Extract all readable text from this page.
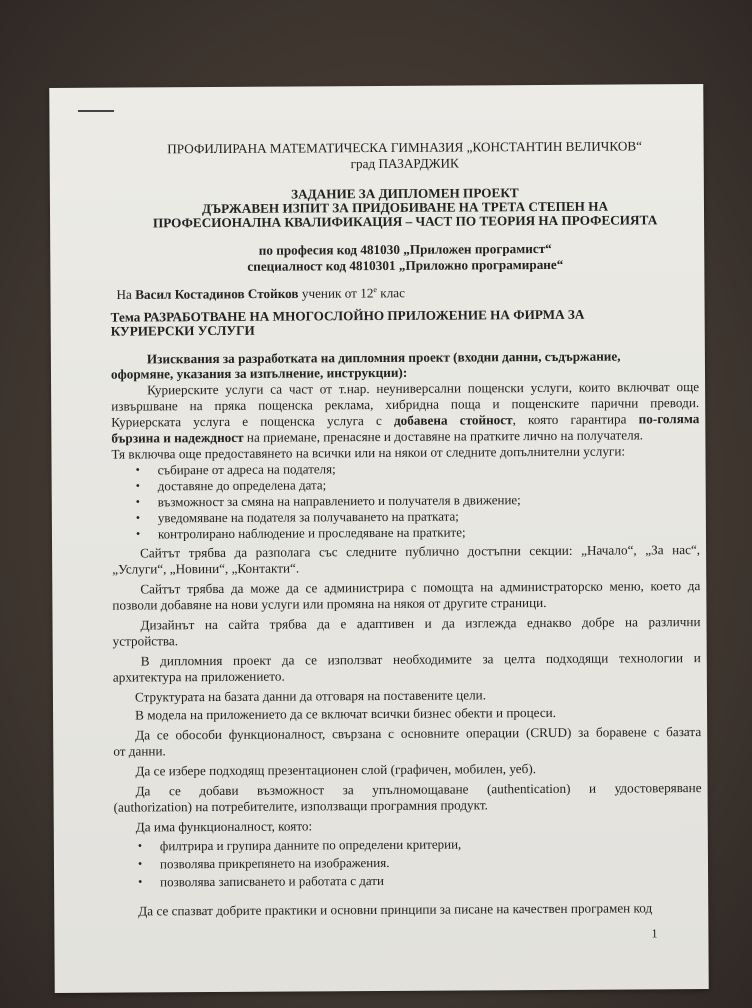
ПРОФИЛИРАНА МАТЕМАТИЧЕСКА ГИМНАЗИЯ „КОНСТАНТИН ВЕЛИЧКОВ“
град ПАЗАРДЖИК
ЗАДАНИЕ ЗА ДИПЛОМЕН ПРОЕКТ
ДЪРЖАВЕН ИЗПИТ ЗА ПРИДОБИВАНЕ НА ТРЕТА СТЕПЕН НА
ПРОФЕСИОНАЛНА КВАЛИФИКАЦИЯ – ЧАСТ ПО ТЕОРИЯ НА ПРОФЕСИЯТА
по професия код 481030 „Приложен програмист“
специалност код 4810301 „Приложно програмиране“
На Васил Костадинов Стойков ученик от $12^е$ клас
Тема РАЗРАБОТВАНЕ НА МНОГОСЛОЙНО ПРИЛОЖЕНИЕ НА ФИРМА ЗА
КУРИЕРСКИ УСЛУГИ
Изисквания за разработката на дипломния проект (входни данни, съдържание,
оформяне, указания за изпълнение, инструкции):
Куриерските услуги са част от т.нар. неуниверсални пощенски услуги, които включват още
извършване на пряка пощенска реклама, хибридна поща и пощенските парични преводи.
Куриерската услуга е пощенска услуга с добавена стойност, която гарантира по-голяма
бързина и надеждност на приемане, пренасяне и доставяне на пратките лично на получателя.
Тя включва още предоставянето на всички или на някои от следните допълнителни услуги:
• събиране от адреса на подателя;
• доставяне до определена дата;
• възможност за смяна на направлението и получателя в движение;
• уведомяване на подателя за получаването на пратката;
• контролирано наблюдение и проследяване на пратките;
Сайтът трябва да разполага със следните публично достъпни секции: „Начало“, „За нас“,
„Услуги“, „Новини“, „Контакти“.
Сайтът трябва да може да се администрира с помощта на администраторско меню, което да
позволи добавяне на нови услуги или промяна на някоя от другите страници.
Дизайнът на сайта трябва да е адаптивен и да изглежда еднакво добре на различни
устройства.
В дипломния проект да се използват необходимите за целта подходящи технологии и
архитектура на приложението.
Структурата на базата данни да отговаря на поставените цели.
В модела на приложението да се включат всички бизнес обекти и процеси.
Да се обособи функционалност, свързана с основните операции (CRUD) за боравене с базата
от данни.
Да се избере подходящ презентационен слой (графичен, мобилен, уеб).
Да се добави възможност за упълномощаване (authentication) и удостоверяване
(authorization) на потребителите, използващи програмния продукт.
Да има функционалност, която:
• филтрира и групира данните по определени критерии,
• позволява прикрепянето на изображения.
• позволява записването и работата с дати
Да се спазват добрите практики и основни принципи за писане на качествен програмен код
1
